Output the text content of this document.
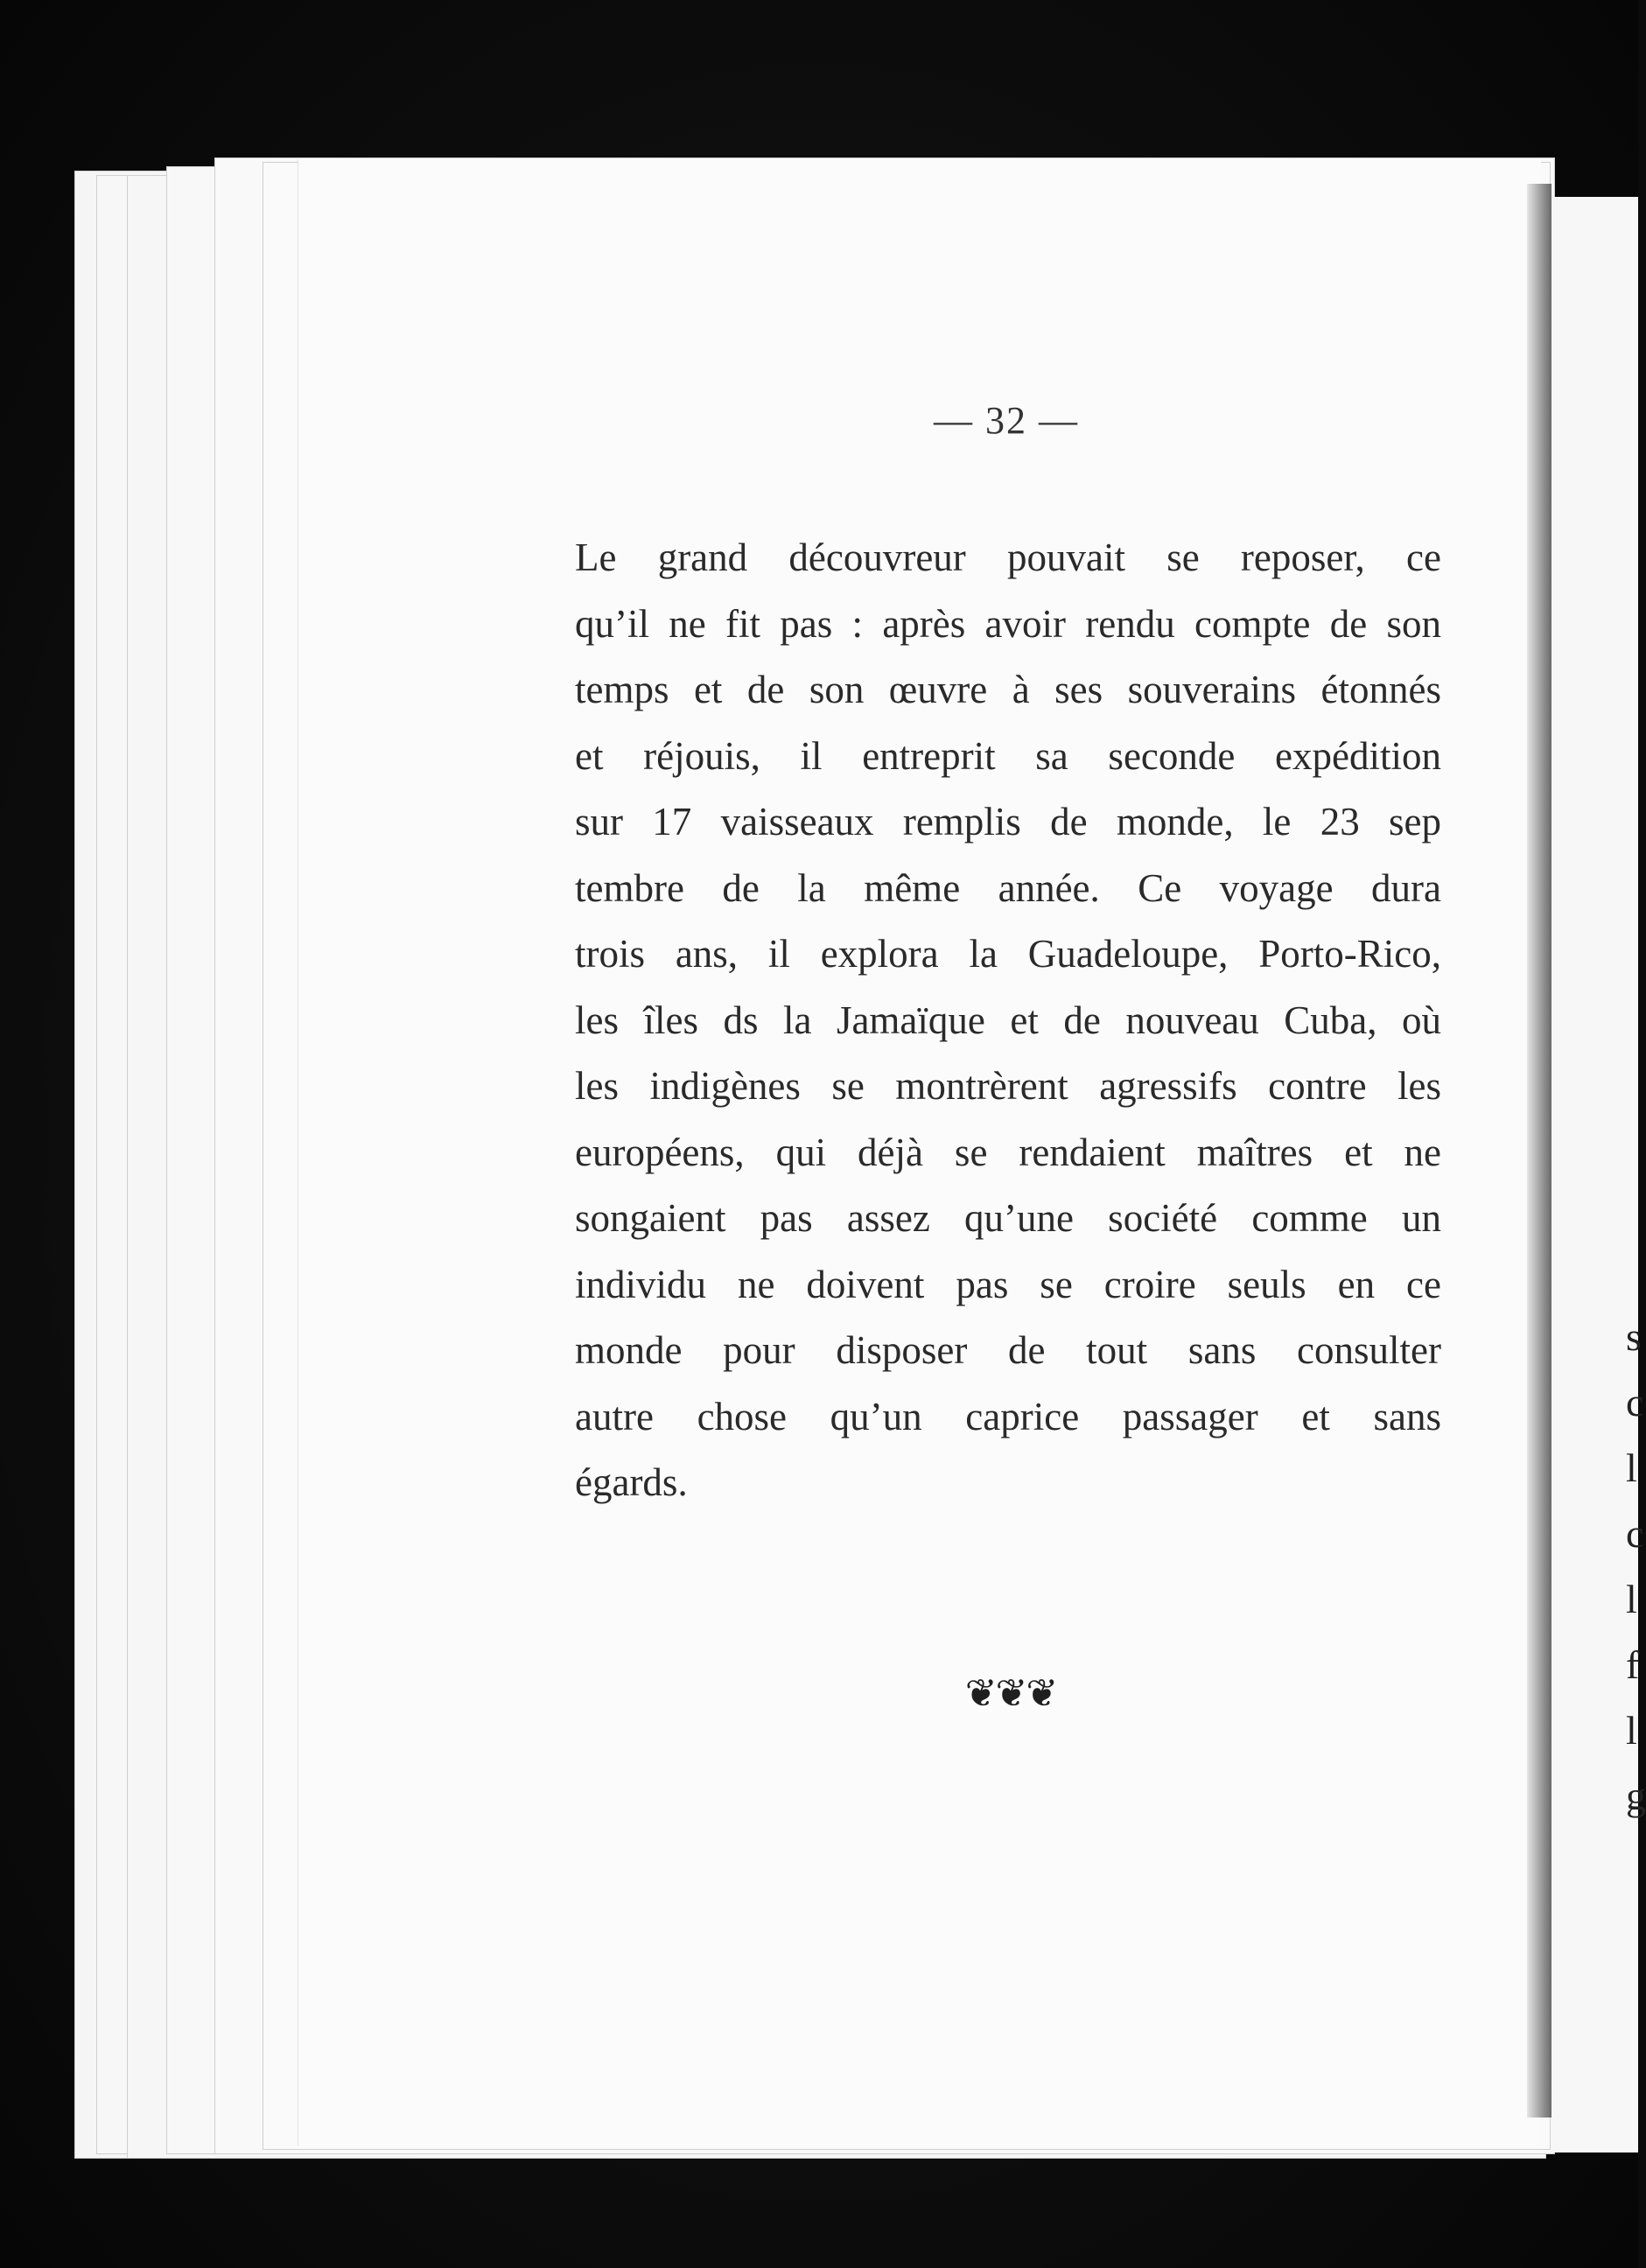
s
c
l
c
l
f
l
g
— 32 —
Le grand découvreur pouvait se reposer, ce
qu’il ne fit pas : après avoir rendu compte de son
temps et de son œuvre à ses souverains étonnés
et réjouis, il entreprit sa seconde expédition
sur 17 vaisseaux remplis de monde, le 23 sep
tembre de la même année. Ce voyage dura
trois ans, il explora la Guadeloupe, Porto-Rico,
les îles ds la Jamaïque et de nouveau Cuba, où
les indigènes se montrèrent agressifs contre les
européens, qui déjà se rendaient maîtres et ne
songaient pas assez qu’une société comme un
individu ne doivent pas se croire seuls en ce
monde pour disposer de tout sans consulter
autre chose qu’un caprice passager et sans
égards.
❦❦❦
